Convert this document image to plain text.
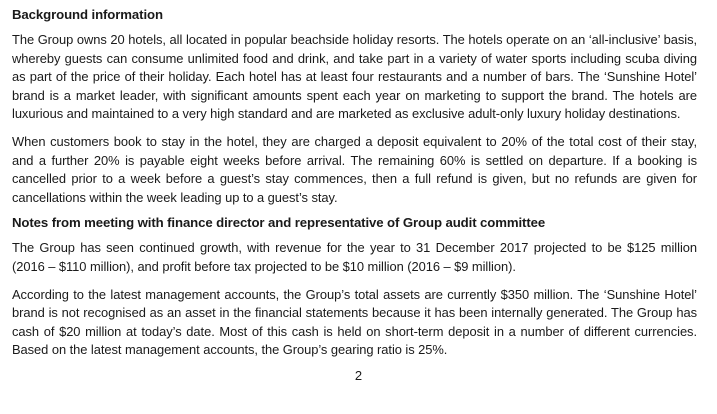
Background information

The Group owns 20 hotels, all located in popular beachside holiday resorts. The hotels operate on an ‘all-inclusive’ basis, whereby guests can consume unlimited food and drink, and take part in a variety of water sports including scuba diving as part of the price of their holiday. Each hotel has at least four restaurants and a number of bars. The ‘Sunshine Hotel’ brand is a market leader, with significant amounts spent each year on marketing to support the brand. The hotels are luxurious and maintained to a very high standard and are marketed as exclusive adult-only luxury holiday destinations.

When customers book to stay in the hotel, they are charged a deposit equivalent to 20% of the total cost of their stay, and a further 20% is payable eight weeks before arrival. The remaining 60% is settled on departure. If a booking is cancelled prior to a week before a guest’s stay commences, then a full refund is given, but no refunds are given for cancellations within the week leading up to a guest’s stay.

Notes from meeting with finance director and representative of Group audit committee

The Group has seen continued growth, with revenue for the year to 31 December 2017 projected to be $125 million (2016 – $110 million), and profit before tax projected to be $10 million (2016 – $9 million).

According to the latest management accounts, the Group’s total assets are currently $350 million. The ‘Sunshine Hotel’ brand is not recognised as an asset in the financial statements because it has been internally generated. The Group has cash of $20 million at today’s date. Most of this cash is held on short-term deposit in a number of different currencies. Based on the latest management accounts, the Group’s gearing ratio is 25%.

2
